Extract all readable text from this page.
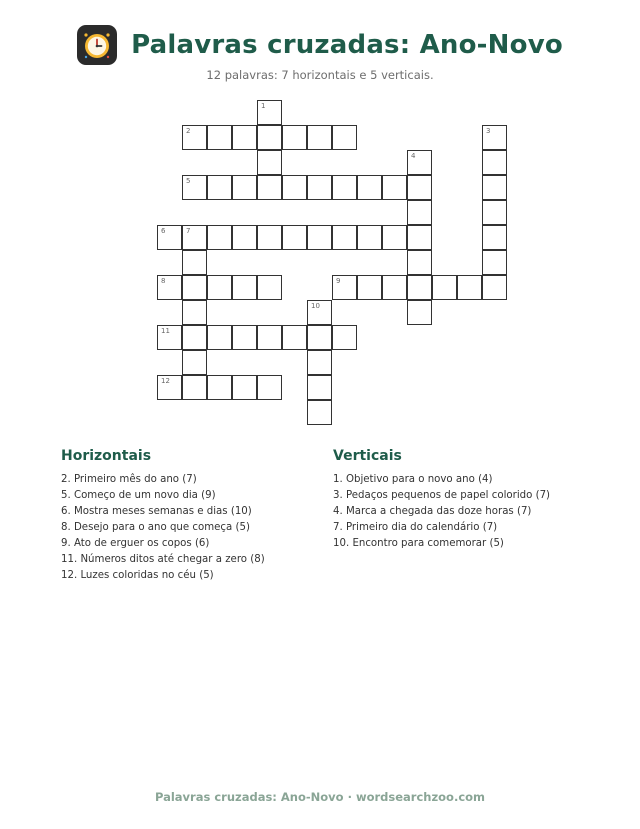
Palavras cruzadas: Ano-Novo
12 palavras: 7 horizontais e 5 verticais.
1
2	3
4
5
6	7
8	9
10
11
12
Horizontais
2. Primeiro mês do ano (7)
5. Começo de um novo dia (9)
6. Mostra meses semanas e dias (10)
8. Desejo para o ano que começa (5)
9. Ato de erguer os copos (6)
11. Números ditos até chegar a zero (8)
12. Luzes coloridas no céu (5)
Verticais
1. Objetivo para o novo ano (4)
3. Pedaços pequenos de papel colorido (7)
4. Marca a chegada das doze horas (7)
7. Primeiro dia do calendário (7)
10. Encontro para comemorar (5)
Palavras cruzadas: Ano-Novo · wordsearchzoo.com
